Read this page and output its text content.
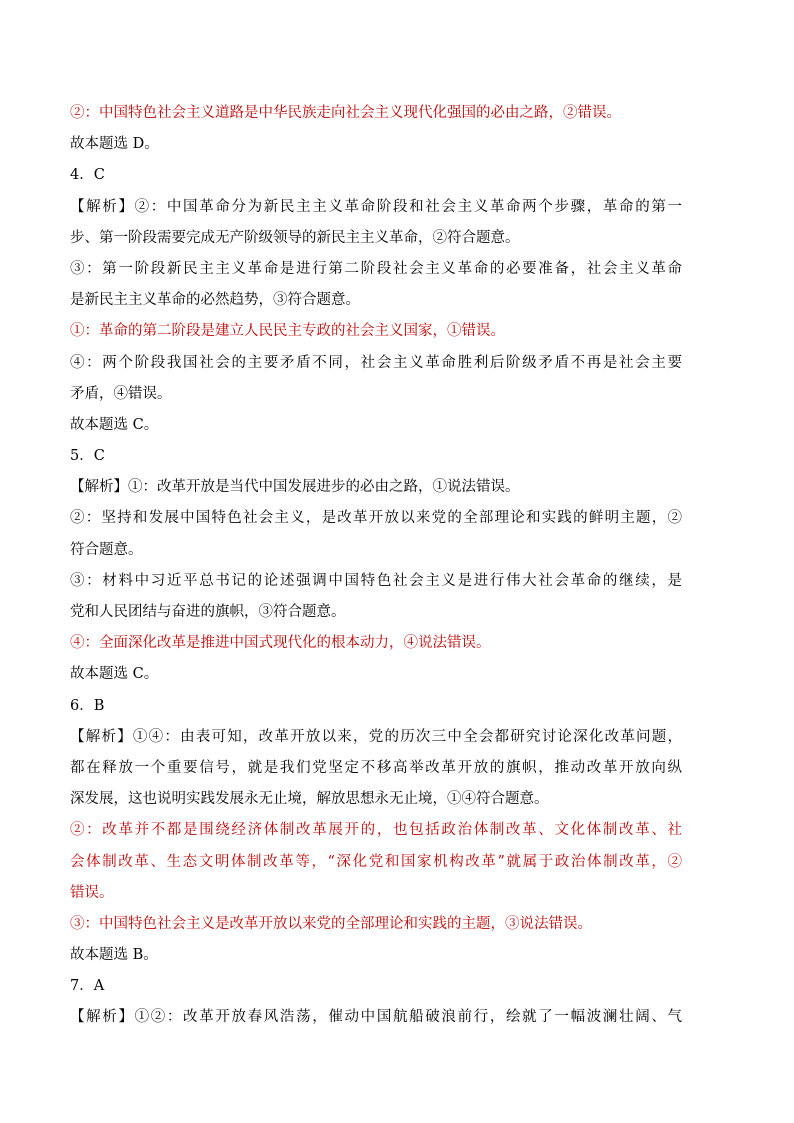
②：中国特色社会主义道路是中华民族走向社会主义现代化强国的必由之路，②错误。
故本题选 D。
4．C
【解析】②：中国革命分为新民主主义革命阶段和社会主义革命两个步骤，革命的第一
步、第一阶段需要完成无产阶级领导的新民主主义革命，②符合题意。
③：第一阶段新民主主义革命是进行第二阶段社会主义革命的必要准备，社会主义革命
是新民主主义革命的必然趋势，③符合题意。
①：革命的第二阶段是建立人民民主专政的社会主义国家，①错误。
④：两个阶段我国社会的主要矛盾不同，社会主义革命胜利后阶级矛盾不再是社会主要
矛盾，④错误。
故本题选 C。
5．C
【解析】①：改革开放是当代中国发展进步的必由之路，①说法错误。
②：坚持和发展中国特色社会主义，是改革开放以来党的全部理论和实践的鲜明主题，②
符合题意。
③：材料中习近平总书记的论述强调中国特色社会主义是进行伟大社会革命的继续，是
党和人民团结与奋进的旗帜，③符合题意。
④：全面深化改革是推进中国式现代化的根本动力，④说法错误。
故本题选 C。
6．B
【解析】①④：由表可知，改革开放以来，党的历次三中全会都研究讨论深化改革问题，
都在释放一个重要信号，就是我们党坚定不移高举改革开放的旗帜，推动改革开放向纵
深发展，这也说明实践发展永无止境，解放思想永无止境，①④符合题意。
②：改革并不都是围绕经济体制改革展开的，也包括政治体制改革、文化体制改革、社
会体制改革、生态文明体制改革等，“深化党和国家机构改革”就属于政治体制改革，②
错误。
③：中国特色社会主义是改革开放以来党的全部理论和实践的主题，③说法错误。
故本题选 B。
7．A
【解析】①②：改革开放春风浩荡，催动中国航船破浪前行，绘就了一幅波澜壮阔、气
